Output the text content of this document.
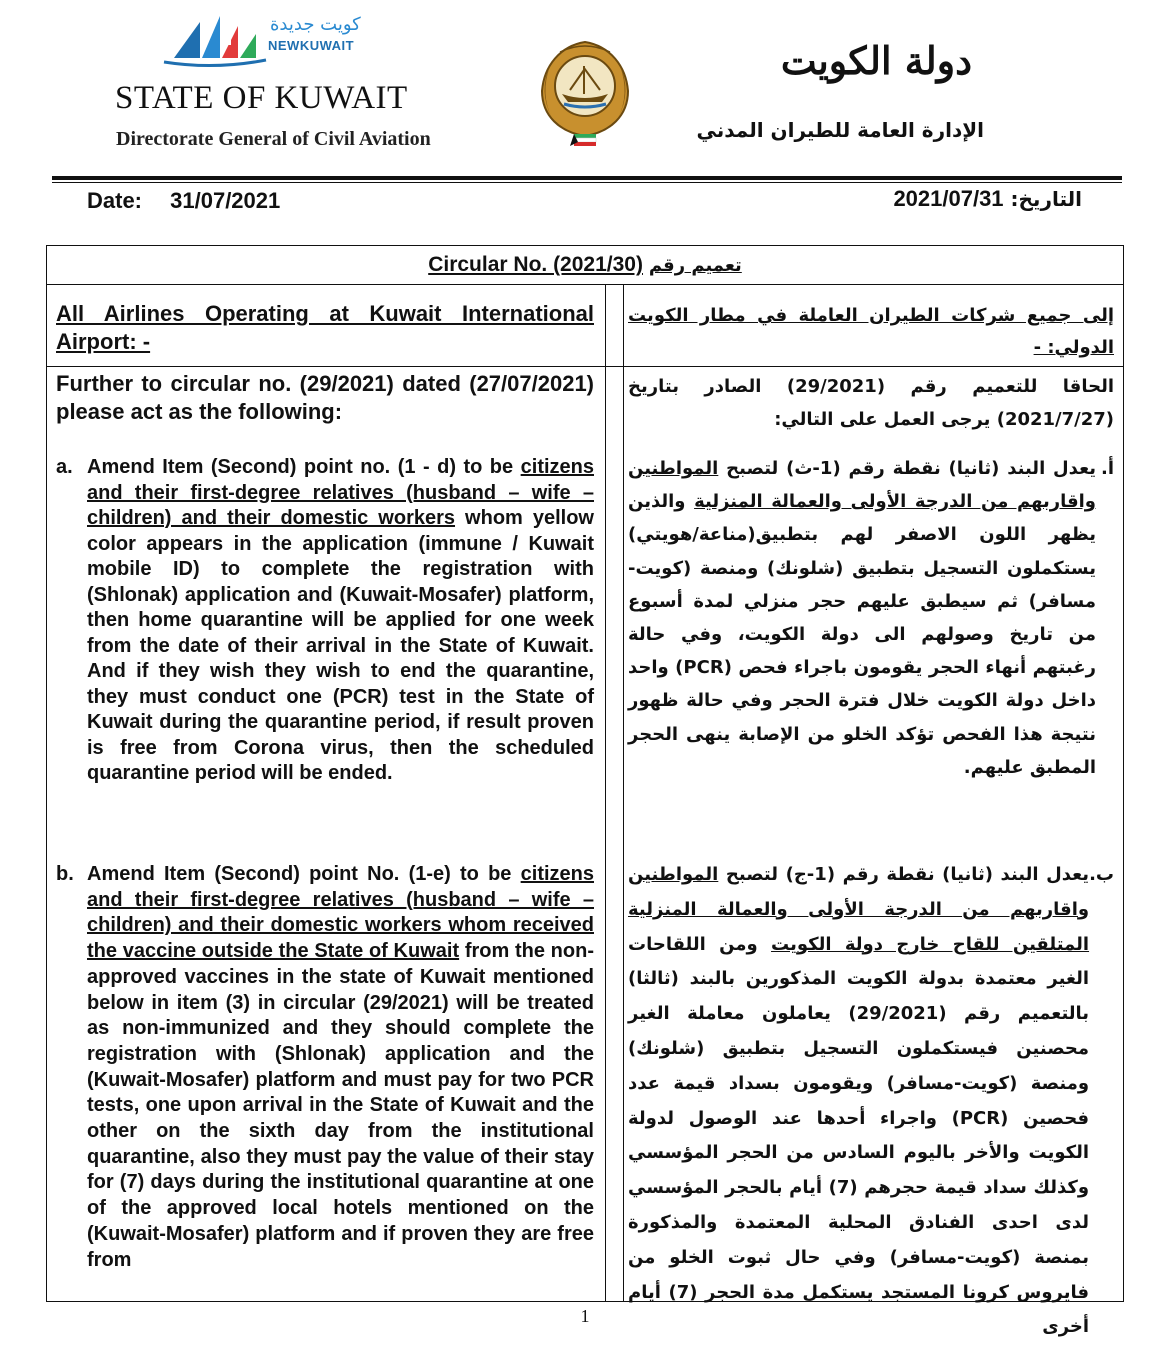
كويت جديدة
NEWKUWAIT
STATE OF KUWAIT
Directorate General of Civil Aviation
دولة الكويت
الإدارة العامة للطيران المدني
Date: 31/07/2021	التاريخ: 2021/07/31
Circular No. (2021/30) تعميم رقم
All Airlines Operating at Kuwait International Airport: -
إلى جميع شركات الطيران العاملة في مطار الكويت الدولي: -
Further to circular no. (29/2021) dated (27/07/2021) please act as the following:
الحاقا للتعميم رقم (29/2021) الصادر بتاريخ (2021/7/27) يرجى العمل على التالي:
a. Amend Item (Second) point no. (1 - d) to be citizens and their first-degree relatives (husband – wife – children) and their domestic workers whom yellow color appears in the application (immune / Kuwait mobile ID) to complete the registration with (Shlonak) application and (Kuwait-Mosafer) platform, then home quarantine will be applied for one week from the date of their arrival in the State of Kuwait. And if they wish they wish to end the quarantine, they must conduct one (PCR) test in the State of Kuwait during the quarantine period, if result proven is free from Corona virus, then the scheduled quarantine period will be ended.
b. Amend Item (Second) point No. (1-e) to be citizens and their first-degree relatives (husband – wife – children) and their domestic workers whom received the vaccine outside the State of Kuwait from the non-approved vaccines in the state of Kuwait mentioned below in item (3) in circular (29/2021) will be treated as non-immunized and they should complete the registration with (Shlonak) application and the (Kuwait-Mosafer) platform and must pay for two PCR tests, one upon arrival in the State of Kuwait and the other on the sixth day from the institutional quarantine, also they must pay the value of their stay for (7) days during the institutional quarantine at one of the approved local hotels mentioned on the (Kuwait-Mosafer) platform and if proven they are free from
أ.
يعدل البند (ثانيا) نقطة رقم (1-ث) لتصبح المواطنين واقاربهم من الدرجة الأولى والعمالة المنزلية والذين يظهر اللون الاصفر لهم بتطبيق(مناعة/هويتي) يستكملون التسجيل بتطبيق (شلونك) ومنصة (كويت-مسافر) ثم سيطبق عليهم حجر منزلي لمدة أسبوع من تاريخ وصولهم الى دولة الكويت، وفي حالة رغبتهم أنهاء الحجر يقومون باجراء فحص (PCR) واحد داخل دولة الكويت خلال فترة الحجر وفي حالة ظهور نتيجة هذا الفحص تؤكد الخلو من الإصابة ينهى الحجر المطبق عليهم.
ب.
يعدل البند (ثانيا) نقطة رقم (1-ج) لتصبح المواطنين واقاربهم من الدرجة الأولى والعمالة المنزلية المتلقين للقاح خارج دولة الكويت ومن اللقاحات الغير معتمدة بدولة الكويت المذكورين بالبند (ثالثا) بالتعميم رقم (29/2021) يعاملون معاملة الغير محصنين فيستكملون التسجيل بتطبيق (شلونك) ومنصة (كويت-مسافر) ويقومون بسداد قيمة عدد فحصين (PCR) واجراء أحدها عند الوصول لدولة الكويت والأخر باليوم السادس من الحجر المؤسسي وكذلك سداد قيمة حجرهم (7) أيام بالحجر المؤسسي لدى احدى الفنادق المحلية المعتمدة والمذكورة بمنصة (كويت-مسافر) وفي حال ثبوت الخلو من فايروس كرونا المستجد يستكمل مدة الحجر (7) أيام أخرى
1
